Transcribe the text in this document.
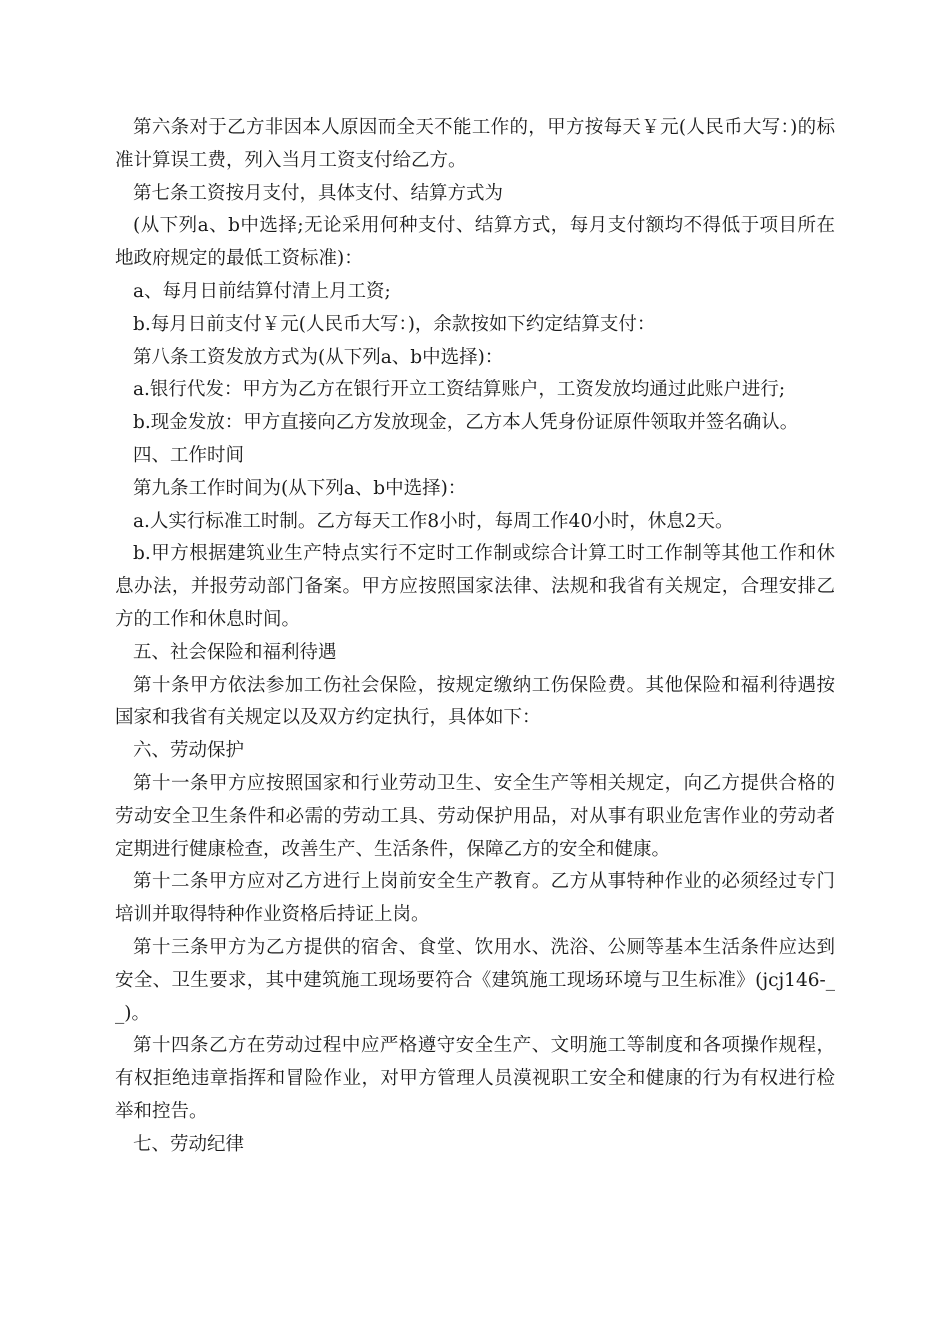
第六条对于乙方非因本人原因而全天不能工作的，甲方按每天￥元(人民币大写：)的标准计算误工费，列入当月工资支付给乙方。

第七条工资按月支付，具体支付、结算方式为

(从下列a、b中选择;无论采用何种支付、结算方式，每月支付额均不得低于项目所在地政府规定的最低工资标准)：

a、每月日前结算付清上月工资;

b.每月日前支付￥元(人民币大写：)，余款按如下约定结算支付：

第八条工资发放方式为(从下列a、b中选择)：

a.银行代发：甲方为乙方在银行开立工资结算账户，工资发放均通过此账户进行;

b.现金发放：甲方直接向乙方发放现金，乙方本人凭身份证原件领取并签名确认。

四、工作时间

第九条工作时间为(从下列a、b中选择)：

a.人实行标准工时制。乙方每天工作8小时，每周工作40小时，休息2天。

b.甲方根据建筑业生产特点实行不定时工作制或综合计算工时工作制等其他工作和休息办法，并报劳动部门备案。甲方应按照国家法律、法规和我省有关规定，合理安排乙方的工作和休息时间。

五、社会保险和福利待遇

第十条甲方依法参加工伤社会保险，按规定缴纳工伤保险费。其他保险和福利待遇按国家和我省有关规定以及双方约定执行，具体如下：

六、劳动保护

第十一条甲方应按照国家和行业劳动卫生、安全生产等相关规定，向乙方提供合格的劳动安全卫生条件和必需的劳动工具、劳动保护用品，对从事有职业危害作业的劳动者定期进行健康检查，改善生产、生活条件，保障乙方的安全和健康。

第十二条甲方应对乙方进行上岗前安全生产教育。乙方从事特种作业的必须经过专门培训并取得特种作业资格后持证上岗。

第十三条甲方为乙方提供的宿舍、食堂、饮用水、洗浴、公厕等基本生活条件应达到安全、卫生要求，其中建筑施工现场要符合《建筑施工现场环境与卫生标准》(jcj146-__)。

第十四条乙方在劳动过程中应严格遵守安全生产、文明施工等制度和各项操作规程，有权拒绝违章指挥和冒险作业，对甲方管理人员漠视职工安全和健康的行为有权进行检举和控告。

七、劳动纪律
